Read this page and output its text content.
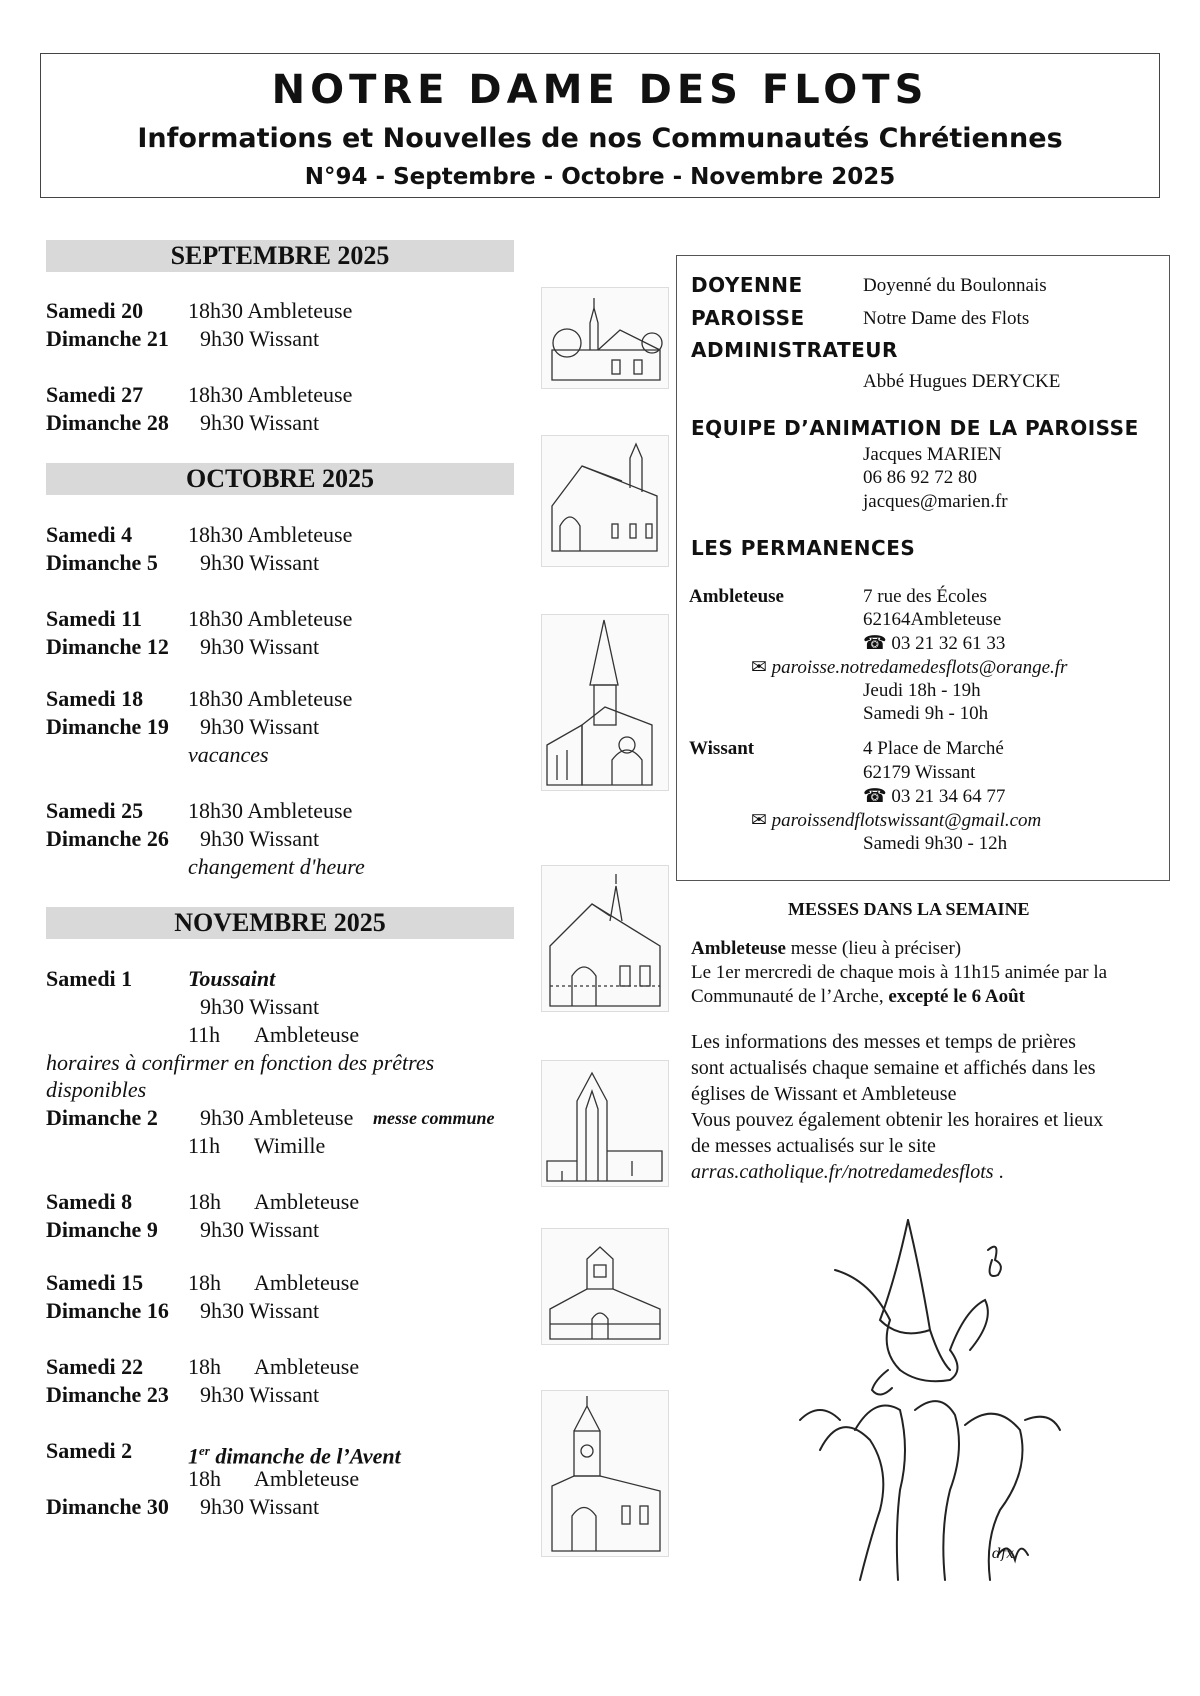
NOTRE DAME DES FLOTS
Informations et Nouvelles de nos Communautés Chrétiennes
N°94 - Septembre - Octobre - Novembre 2025
SEPTEMBRE 2025
Samedi 20 18h30 Ambleteuse
Dimanche 21 9h30 Wissant
Samedi 27 18h30 Ambleteuse
Dimanche 28 9h30 Wissant
OCTOBRE 2025
Samedi 4	18h30 Ambleteuse
Dimanche 5 9h30 Wissant
Samedi 11 18h30 Ambleteuse
Dimanche 12 9h30 Wissant
Samedi 18 18h30 Ambleteuse
Dimanche 19 9h30 Wissant
vacances
Samedi 25 18h30 Ambleteuse
Dimanche 26 9h30 Wissant
changement d'heure
NOVEMBRE 2025
Samedi 1	Toussaint
9h30 Wissant
11h Ambleteuse
horaires à confirmer en fonction des prêtres
disponibles
Dimanche 2 9h30 Ambleteuse messe commune
11h Wimille
Samedi 8	18h Ambleteuse
Dimanche 9 9h30 Wissant
Samedi 15 18h Ambleteuse
Dimanche 16 9h30 Wissant
Samedi 22 18h Ambleteuse
Dimanche 23 9h30 Wissant
Samedi 2	1er dimanche de l’Avent
18h Ambleteuse
Dimanche 30 9h30 Wissant
DOYENNE	Doyenné du Boulonnais
PAROISSE	Notre Dame des Flots
ADMINISTRATEUR
Abbé Hugues DERYCKE
EQUIPE D’ANIMATION DE LA PAROISSE
Jacques MARIEN
06 86 92 72 80
jacques@marien.fr
LES PERMANENCES
Ambleteuse	7 rue des Écoles
62164Ambleteuse
☎ 03 21 32 61 33
✉ paroisse.notredamedesflots@orange.fr
Jeudi 18h - 19h
Samedi 9h - 10h
Wissant	4 Place de Marché
62179 Wissant
☎ 03 21 34 64 77
✉ paroissendflotswissant@gmail.com
Samedi 9h30 - 12h
MESSES DANS LA SEMAINE
Ambleteuse messe (lieu à préciser)
Le 1er mercredi de chaque mois à 11h15 animée par la
Communauté de l’Arche, excepté le 6 Août
Les informations des messes et temps de prières
sont actualisés chaque semaine et affichés dans les
églises de Wissant et Ambleteuse
Vous pouvez également obtenir les horaires et lieux
de messes actualisés sur le site
arras.catholique.fr/notredamedesflots .
dfx
